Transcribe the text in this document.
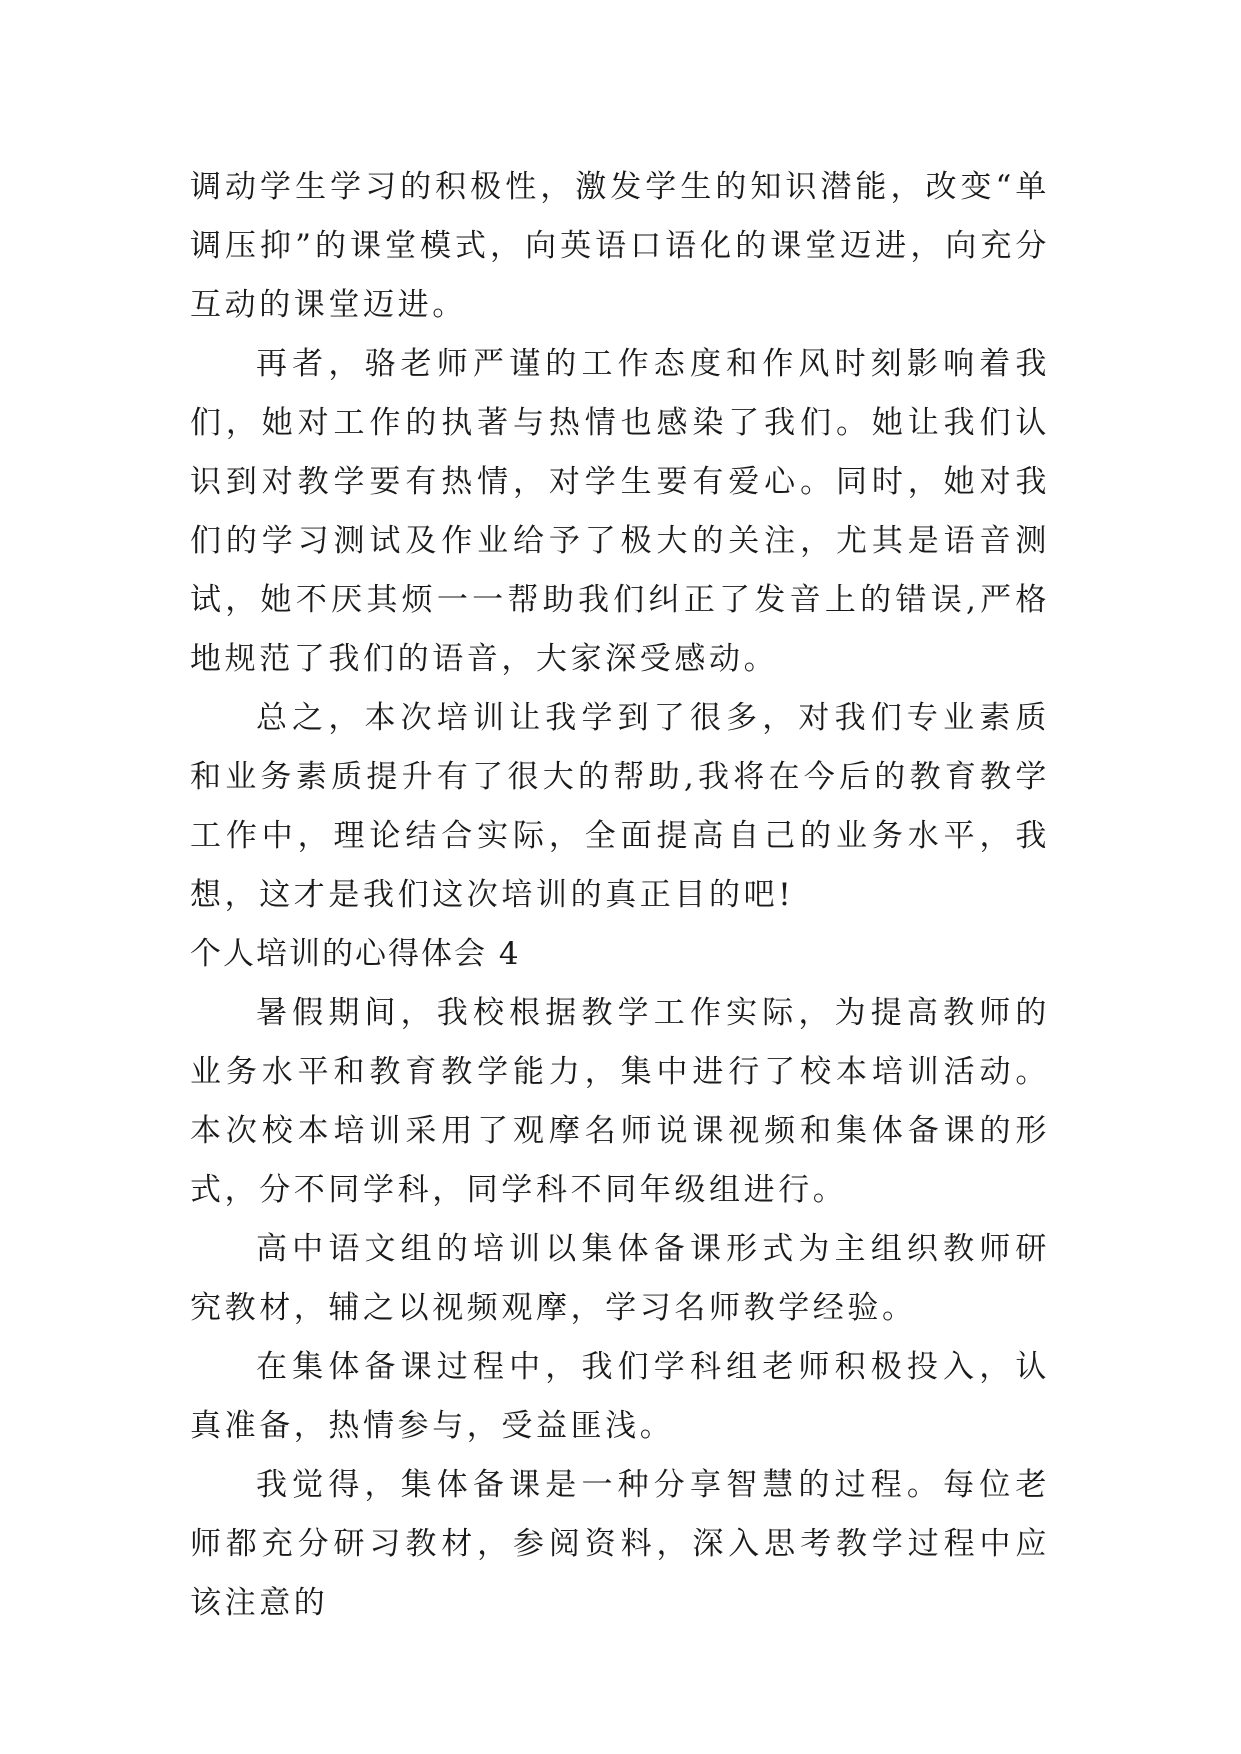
调动学生学习的积极性，激发学生的知识潜能，改变“单调压抑”的课堂模式，向英语口语化的课堂迈进，向充分互动的课堂迈进。

再者，骆老师严谨的工作态度和作风时刻影响着我们，她对工作的执著与热情也感染了我们。她让我们认识到对教学要有热情，对学生要有爱心。同时，她对我们的学习测试及作业给予了极大的关注，尤其是语音测试，她不厌其烦一一帮助我们纠正了发音上的错误,严格地规范了我们的语音，大家深受感动。

总之，本次培训让我学到了很多，对我们专业素质和业务素质提升有了很大的帮助,我将在今后的教育教学工作中，理论结合实际，全面提高自己的业务水平，我想，这才是我们这次培训的真正目的吧!

个人培训的心得体会 4

暑假期间，我校根据教学工作实际，为提高教师的业务水平和教育教学能力，集中进行了校本培训活动。本次校本培训采用了观摩名师说课视频和集体备课的形式，分不同学科，同学科不同年级组进行。

高中语文组的培训以集体备课形式为主组织教师研究教材，辅之以视频观摩，学习名师教学经验。

在集体备课过程中，我们学科组老师积极投入，认真准备，热情参与，受益匪浅。

我觉得，集体备课是一种分享智慧的过程。每位老师都充分研习教材，参阅资料，深入思考教学过程中应该注意的
